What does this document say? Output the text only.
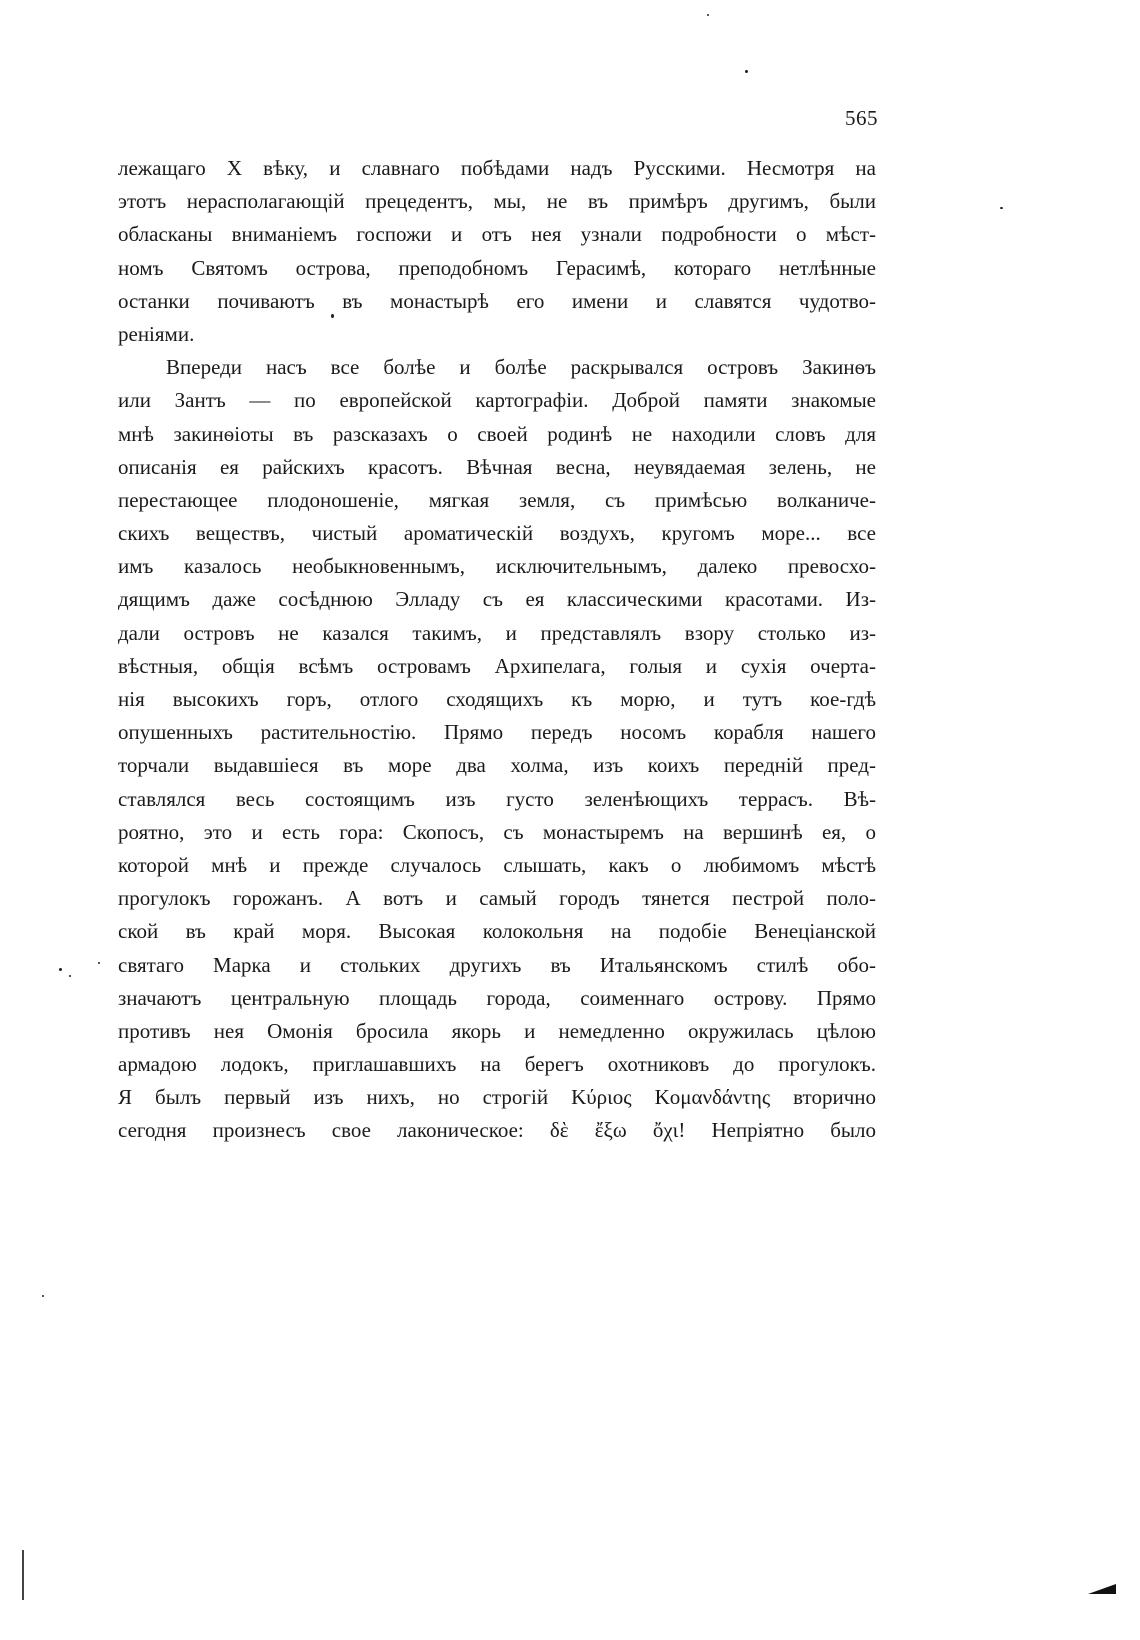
565
лежащаго X вѣку, и славнаго побѣдами надъ Русскими. Несмотря на
этотъ нерасполагающій прецедентъ, мы, не въ примѣръ другимъ, были
обласканы вниманіемъ госпожи и отъ нея узнали подробности о мѣст-
номъ Святомъ острова, преподобномъ Герасимѣ, котораго нетлѣнные
останки почиваютъ въ монастырѣ его имени и славятся чудотво-
реніями.
Впереди насъ все болѣе и болѣе раскрывался островъ Закинѳъ
или Зантъ — по европейской картографіи. Доброй памяти знакомые
мнѣ закинѳіоты въ разсказахъ о своей родинѣ не находили словъ для
описанія ея райскихъ красотъ. Вѣчная весна, неувядаемая зелень, не
перестающее плодоношеніе, мягкая земля, съ примѣсью волканиче-
скихъ веществъ, чистый ароматическій воздухъ, кругомъ море... все
имъ казалось необыкновеннымъ, исключительнымъ, далеко превосхо-
дящимъ даже сосѣднюю Элладу съ ея классическими красотами. Из-
дали островъ не казался такимъ, и представлялъ взору столько из-
вѣстныя, общія всѣмъ островамъ Архипелага, голыя и сухія очерта-
нія высокихъ горъ, отлого сходящихъ къ морю, и тутъ кое-гдѣ
опушенныхъ растительностію. Прямо передъ носомъ корабля нашего
торчали выдавшіеся въ море два холма, изъ коихъ передній пред-
ставлялся весь состоящимъ изъ густо зеленѣющихъ террасъ. Вѣ-
роятно, это и есть гора: Скопосъ, съ монастыремъ на вершинѣ ея, о
которой мнѣ и прежде случалось слышать, какъ о любимомъ мѣстѣ
прогулокъ горожанъ. А вотъ и самый городъ тянется пестрой поло-
ской въ край моря. Высокая колокольня на подобіе Венеціанской
святаго Марка и стольких другихъ въ Итальянскомъ стилѣ обо-
значаютъ центральную площадь города, соименнаго острову. Прямо
противъ нея Омонія бросила якорь и немедленно окружилась цѣлою
армадою лодокъ, приглашавшихъ на берегъ охотниковъ до прогулокъ.
Я былъ первый изъ нихъ, но строгій Κύριος Κομανδάντης вторично
сегодня произнесъ свое лаконическое: δὲ ἔξω ὄχι! Непріятно было
